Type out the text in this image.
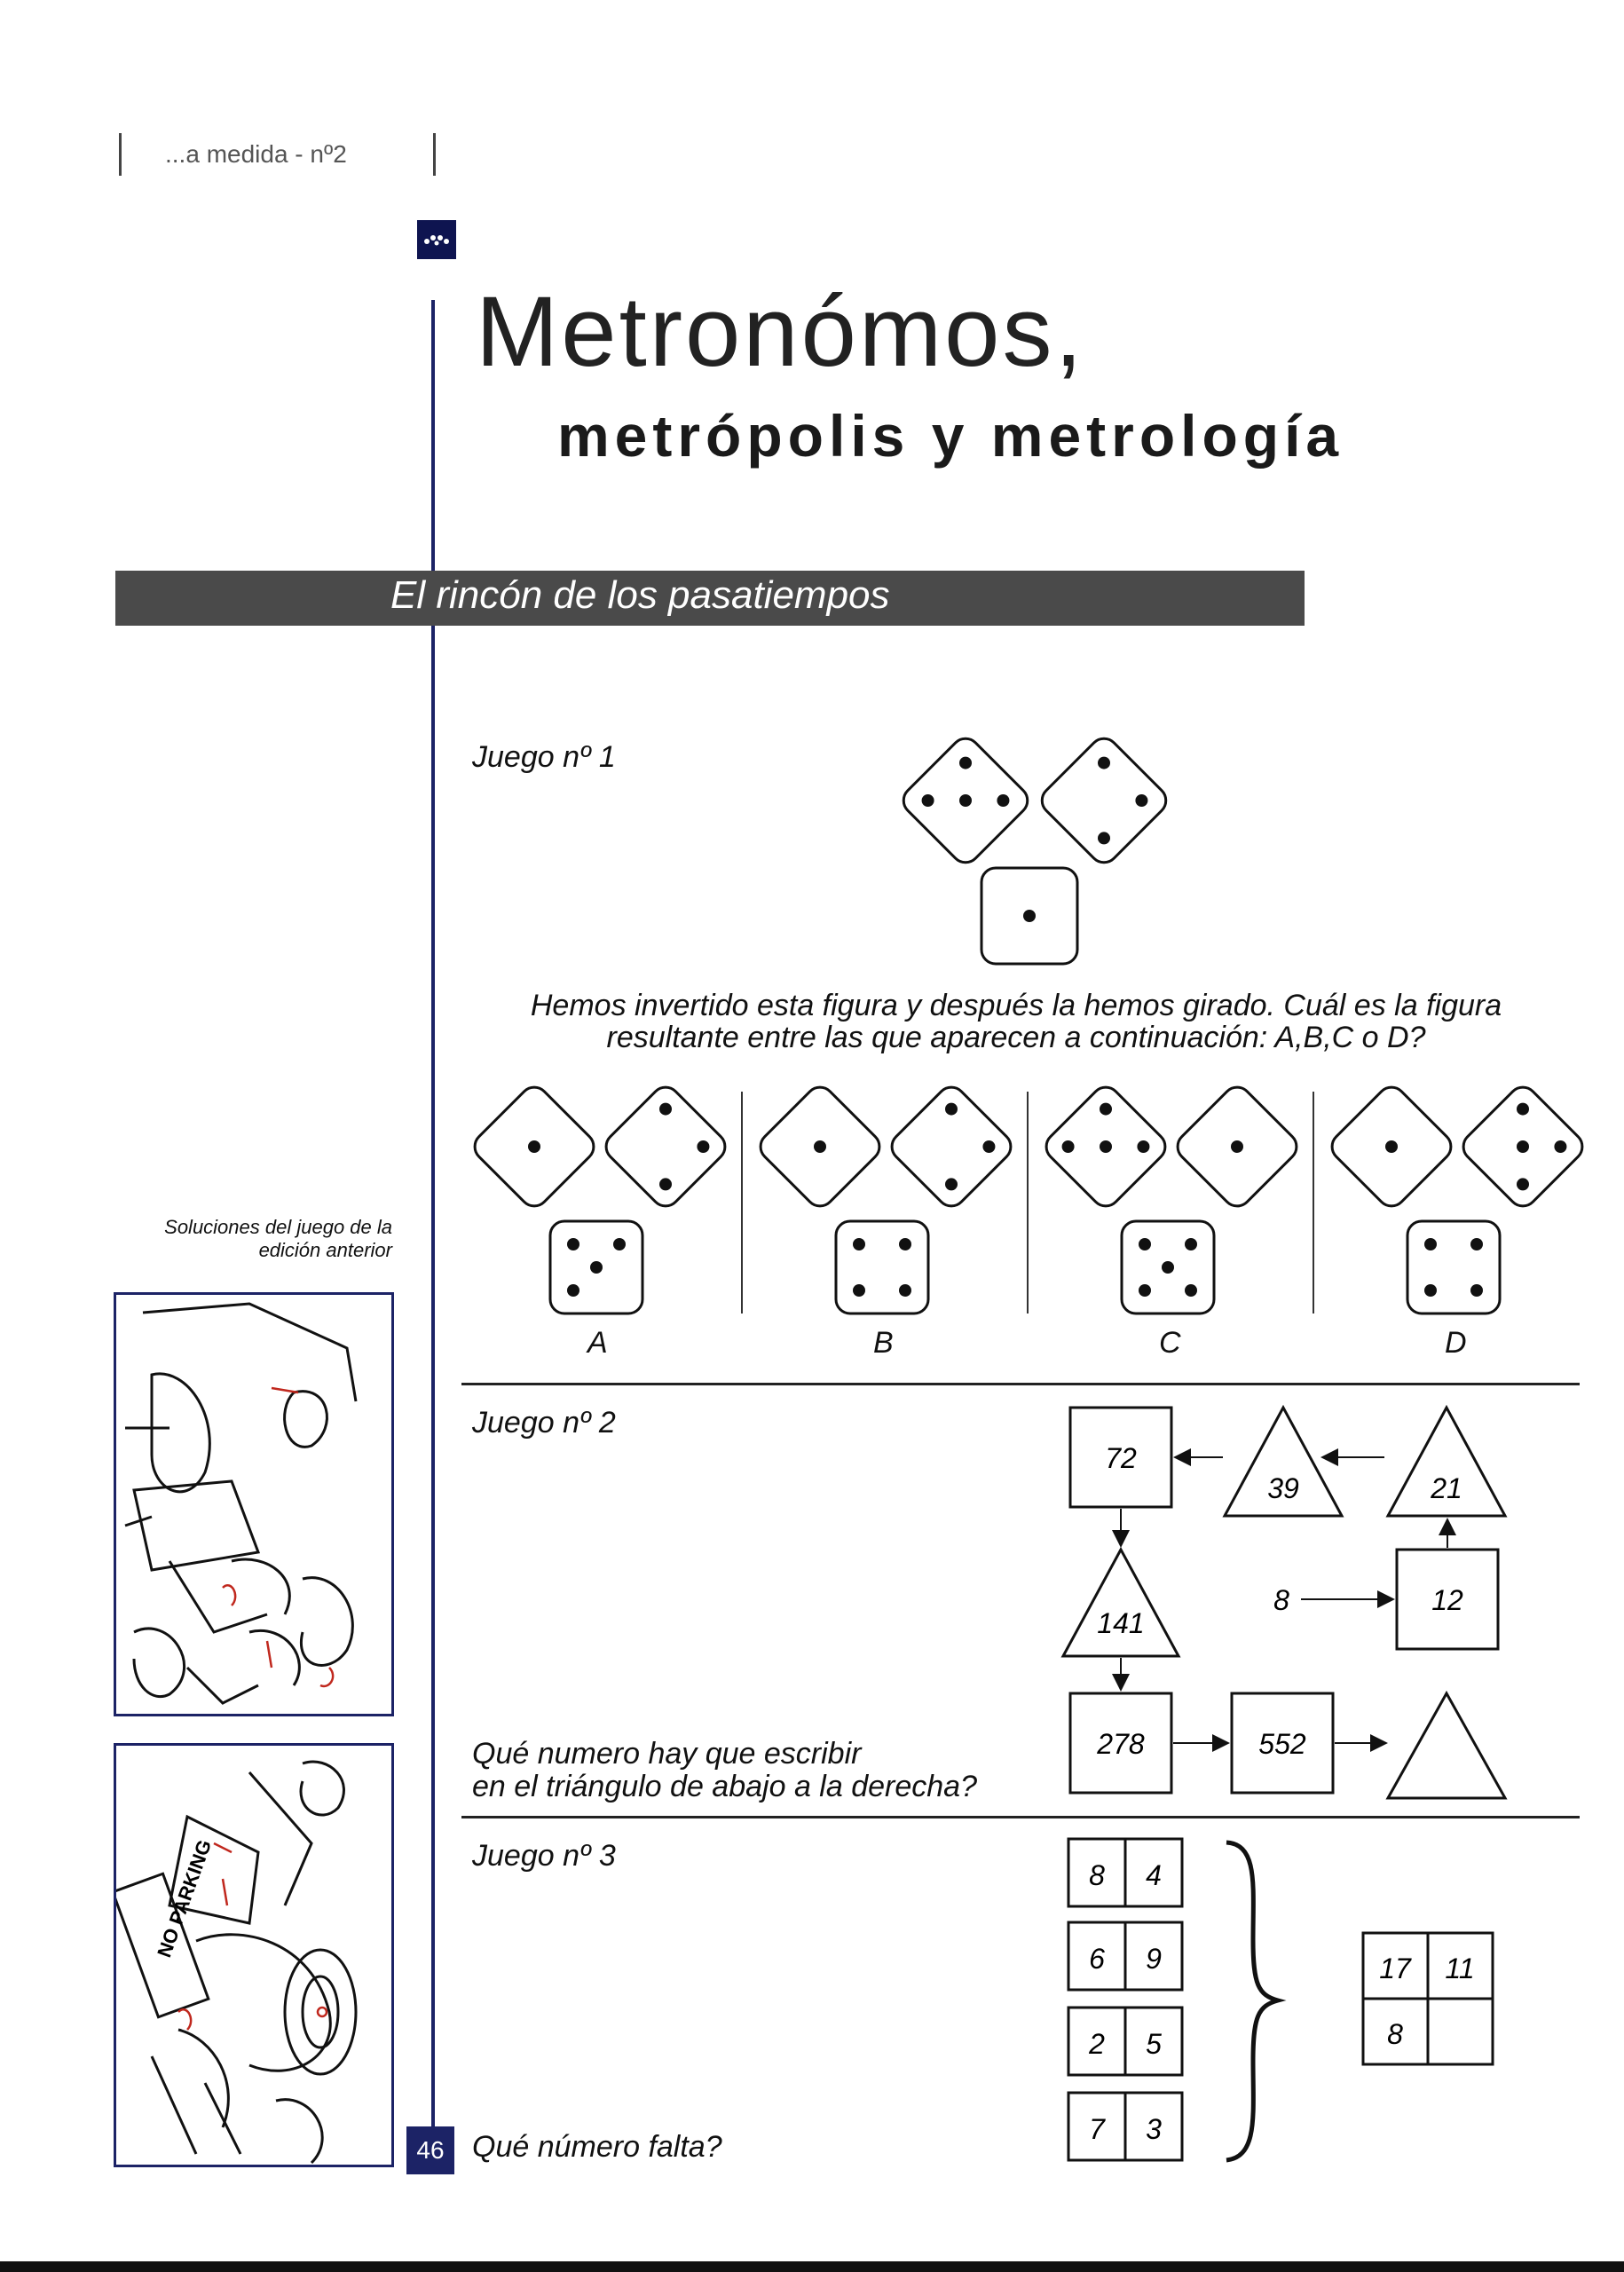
...a medida - nº2
Metronómos,
metrópolis y metrología
El rincón de los pasatiempos
Juego nº 1
Hemos invertido esta figura y después la hemos girado. Cuál es la figura
resultante entre las que aparecen a continuación: A,B,C o D?
A	B	C	D
Juego nº 2
72
39	21
12
8
141
278	552
Qué numero hay que escribir
en el triángulo de abajo a la derecha?
Juego nº 3
8 4
6 9
2 5
7 3
17 11
8
Qué número falta?
Soluciones del juego de la
edición anterior
NO PARKING
46
